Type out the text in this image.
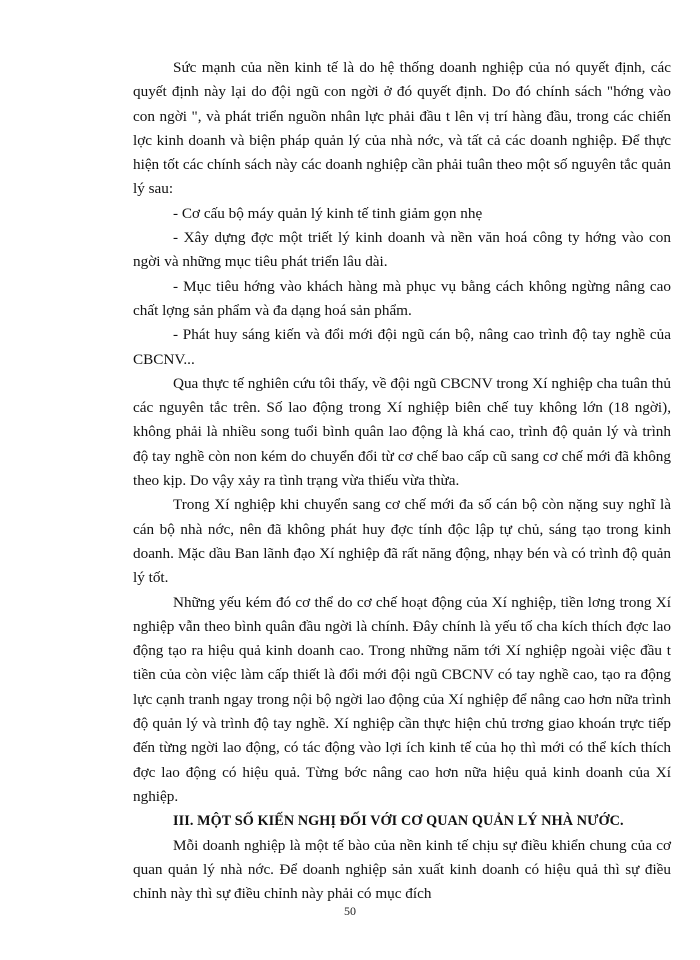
Sức mạnh của nền kinh tế là do hệ thống doanh nghiệp của nó quyết định, các quyết định này lại do đội ngũ con ngời ở đó quyết định. Do đó chính sách "hớng vào con ngời ", và phát triển nguồn nhân lực phải đầu t lên vị trí hàng đầu, trong các chiến lợc kinh doanh và biện pháp quản lý của nhà nớc, và tất cả các doanh nghiệp. Để thực hiện tốt các chính sách này các doanh nghiệp cần phải tuân theo một số nguyên tắc quản lý sau:

- Cơ cấu bộ máy quản lý kinh tế tinh giảm gọn nhẹ

- Xây dựng đợc một triết lý kinh doanh và nền văn hoá công ty hớng vào con ngời và những mục tiêu phát triển lâu dài.

- Mục tiêu hớng vào khách hàng mà phục vụ bằng cách không ngừng nâng cao chất lợng sản phẩm và đa dạng hoá sản phẩm.

- Phát huy sáng kiến và đổi mới đội ngũ cán bộ, nâng cao trình độ tay nghề của CBCNV...

Qua thực tế nghiên cứu tôi thấy, về đội ngũ CBCNV trong Xí nghiệp cha tuân thủ các nguyên tắc trên. Số lao động trong Xí nghiệp biên chế tuy không lớn (18 ngời), không phải là nhiều song tuổi bình quân lao động là khá cao, trình độ quản lý và trình độ tay nghề còn non kém do chuyển đổi từ cơ chế bao cấp cũ sang cơ chế mới đã không theo kịp. Do vậy xảy ra tình trạng vừa thiếu vừa thừa.

Trong Xí nghiệp khi chuyển sang cơ chế mới đa số cán bộ còn nặng suy nghĩ là cán bộ nhà nớc, nên đã không phát huy đợc tính độc lập tự chủ, sáng tạo trong kinh doanh. Mặc dầu Ban lãnh đạo Xí nghiệp đã rất năng động, nhạy bén và có trình độ quản lý tốt.

Những yếu kém đó cơ thể do cơ chế hoạt động của Xí nghiệp, tiền lơng trong Xí nghiệp vẫn theo bình quân đầu ngời là chính. Đây chính là yếu tố cha kích thích đợc lao động tạo ra hiệu quả kinh doanh cao. Trong những năm tới Xí nghiệp ngoài việc đầu t tiền của còn việc làm cấp thiết là đổi mới đội ngũ CBCNV có tay nghề cao, tạo ra động lực cạnh tranh ngay trong nội bộ ngời lao động của Xí nghiệp để nâng cao hơn nữa trình độ quản lý và trình độ tay nghề. Xí nghiệp cần thực hiện chủ trơng giao khoán trực tiếp đến từng ngời lao động, có tác động vào lợi ích kinh tế của họ thì mới có thể kích thích đợc lao động có hiệu quả. Từng bớc nâng cao hơn nữa hiệu quả kinh doanh của Xí nghiệp.

III. MỘT SỐ KIẾN NGHỊ ĐỐI VỚI CƠ QUAN QUẢN LÝ NHÀ NƯỚC.

Mỗi doanh nghiệp là một tế bào của nền kinh tế chịu sự điều khiển chung của cơ quan quản lý nhà nớc. Để doanh nghiệp sản xuất kinh doanh có hiệu quả thì sự điều chỉnh này thì sự điều chỉnh này phải có mục đích

50
